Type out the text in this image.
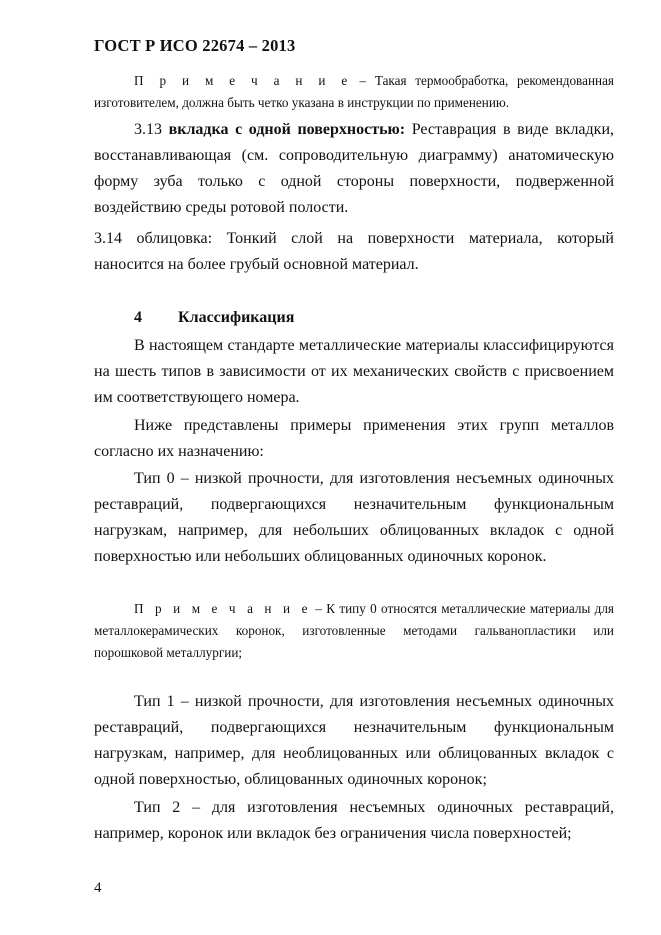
ГОСТ Р ИСО 22674 – 2013

П р и м е ч а н и е – Такая термообработка, рекомендованная изготовителем, должна быть четко указана в инструкции по применению.

3.13 вкладка с одной поверхностью: Реставрация в виде вкладки, восстанавливающая (см. сопроводительную диаграмму) анатомическую форму зуба только с одной стороны поверхности, подверженной воздействию среды ротовой полости.

3.14 облицовка: Тонкий слой на поверхности материала, который наносится на более грубый основной материал.

4 Классификация

В настоящем стандарте металлические материалы классифицируются на шесть типов в зависимости от их механических свойств с присвоением им соответствующего номера.

Ниже представлены примеры применения этих групп металлов согласно их назначению:

Тип 0 – низкой прочности, для изготовления несъемных одиночных реставраций, подвергающихся незначительным функциональным нагрузкам, например, для небольших облицованных вкладок с одной поверхностью или небольших облицованных одиночных коронок.

П р и м е ч а н и е – К типу 0 относятся металлические материалы для металлокерамических коронок, изготовленные методами гальванопластики или порошковой металлургии;

Тип 1 – низкой прочности, для изготовления несъемных одиночных реставраций, подвергающихся незначительным функциональным нагрузкам, например, для необлицованных или облицованных вкладок с одной поверхностью, облицованных одиночных коронок;

Тип 2 – для изготовления несъемных одиночных реставраций, например, коронок или вкладок без ограничения числа поверхностей;

4
